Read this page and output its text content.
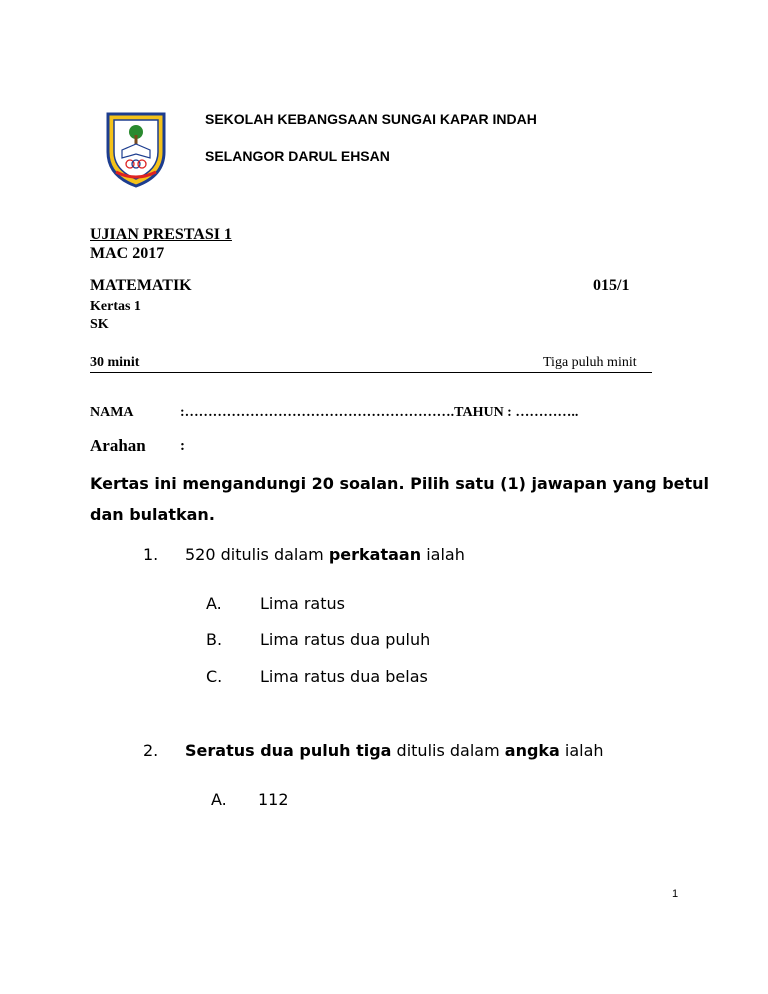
SEKOLAH KEBANGSAAN SUNGAI KAPAR INDAH
SELANGOR DARUL EHSAN
UJIAN PRESTASI 1
MAC 2017
MATEMATIK	015/1
Kertas 1
SK
30 minit	Tiga puluh minit
NAMA	:………………………………………………….TAHUN : …………..
Arahan :
Kertas ini mengandungi 20 soalan. Pilih satu (1) jawapan yang betul
dan bulatkan.
1. 520 ditulis dalam perkataan ialah
A. Lima ratus
B. Lima ratus dua puluh
C. Lima ratus dua belas
2. Seratus dua puluh tiga ditulis dalam angka ialah
A. 112
1
